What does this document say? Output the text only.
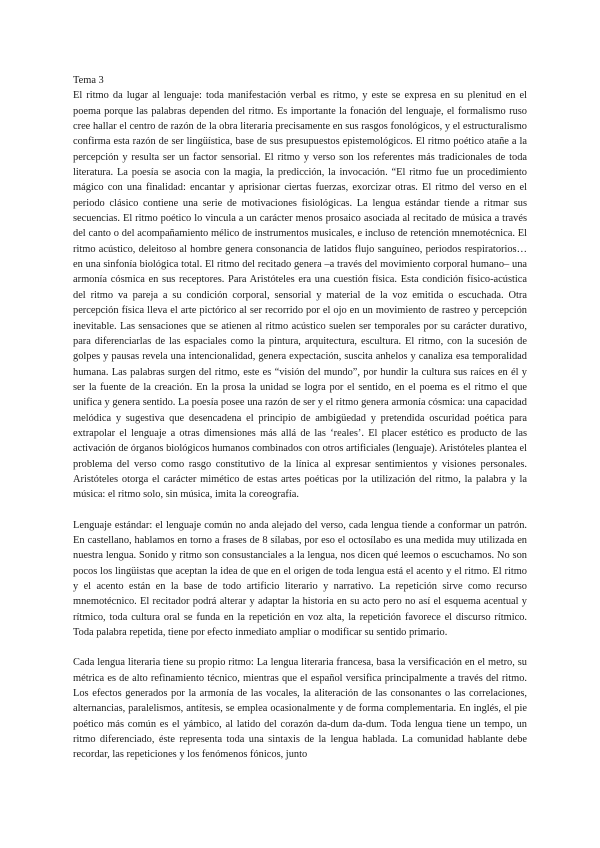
Tema 3

El ritmo da lugar al lenguaje: toda manifestación verbal es ritmo, y este se expresa en su plenitud en el poema porque las palabras dependen del ritmo. Es importante la fonación del lenguaje, el formalismo ruso cree hallar el centro de razón de la obra literaria precisamente en sus rasgos fonológicos, y el estructuralismo confirma esta razón de ser lingüística, base de sus presupuestos epistemológicos. El ritmo poético atañe a la percepción y resulta ser un factor sensorial. El ritmo y verso son los referentes más tradicionales de toda literatura. La poesía se asocia con la magia, la predicción, la invocación. “El ritmo fue un procedimiento mágico con una finalidad: encantar y aprisionar ciertas fuerzas, exorcizar otras. El ritmo del verso en el periodo clásico contiene una serie de motivaciones fisiológicas. La lengua estándar tiende a ritmar sus secuencias. El ritmo poético lo vincula a un carácter menos prosaico asociada al recitado de música a través del canto o del acompañamiento mélico de instrumentos musicales, e incluso de retención mnemotécnica. El ritmo acústico, deleitoso al hombre genera consonancia de latidos flujo sanguíneo, periodos respiratorios… en una sinfonía biológica total. El ritmo del recitado genera –a través del movimiento corporal humano– una armonía cósmica en sus receptores. Para Aristóteles era una cuestión física. Esta condición físico-acústica del ritmo va pareja a su condición corporal, sensorial y material de la voz emitida o escuchada. Otra percepción física lleva el arte pictórico al ser recorrido por el ojo en un movimiento de rastreo y percepción inevitable. Las sensaciones que se atienen al ritmo acústico suelen ser temporales por su carácter durativo, para diferenciarlas de las espaciales como la pintura, arquitectura, escultura. El ritmo, con la sucesión de golpes y pausas revela una intencionalidad, genera expectación, suscita anhelos y canaliza esa temporalidad humana. Las palabras surgen del ritmo, este es “visión del mundo”, por hundir la cultura sus raíces en él y ser la fuente de la creación. En la prosa la unidad se logra por el sentido, en el poema es el ritmo el que unifica y genera sentido. La poesía posee una razón de ser y el ritmo genera armonía cósmica: una capacidad melódica y sugestiva que desencadena el principio de ambigüedad y pretendida oscuridad poética para extrapolar el lenguaje a otras dimensiones más allá de las ‘reales’. El placer estético es producto de las activación de órganos biológicos humanos combinados con otros artificiales (lenguaje). Aristóteles plantea el problema del verso como rasgo constitutivo de la línica al expresar sentimientos y visiones personales. Aristóteles otorga el carácter mimético de estas artes poéticas por la utilización del ritmo, la palabra y la música: el ritmo solo, sin música, imita la coreografía.

Lenguaje estándar: el lenguaje común no anda alejado del verso, cada lengua tiende a conformar un patrón. En castellano, hablamos en torno a frases de 8 sílabas, por eso el octosílabo es una medida muy utilizada en nuestra lengua. Sonido y ritmo son consustanciales a la lengua, nos dicen qué leemos o escuchamos. No son pocos los lingüistas que aceptan la idea de que en el origen de toda lengua está el acento y el ritmo. El ritmo y el acento están en la base de todo artificio literario y narrativo. La repetición sirve como recurso mnemotécnico. El recitador podrá alterar y adaptar la historia en su acto pero no así el esquema acentual y rítmico, toda cultura oral se funda en la repetición en voz alta, la repetición favorece el discurso rítmico. Toda palabra repetida, tiene por efecto inmediato ampliar o modificar su sentido primario.

Cada lengua literaria tiene su propio ritmo: La lengua literaria francesa, basa la versificación en el metro, su métrica es de alto refinamiento técnico, mientras que el español versifica principalmente a través del ritmo. Los efectos generados por la armonía de las vocales, la aliteración de las consonantes o las correlaciones, alternancias, paralelismos, antítesis, se emplea ocasionalmente y de forma complementaria. En inglés, el pie poético más común es el yámbico, al latido del corazón da-dum da-dum. Toda lengua tiene un tempo, un ritmo diferenciado, éste representa toda una sintaxis de la lengua hablada. La comunidad hablante debe recordar, las repeticiones y los fenómenos fónicos, junto
